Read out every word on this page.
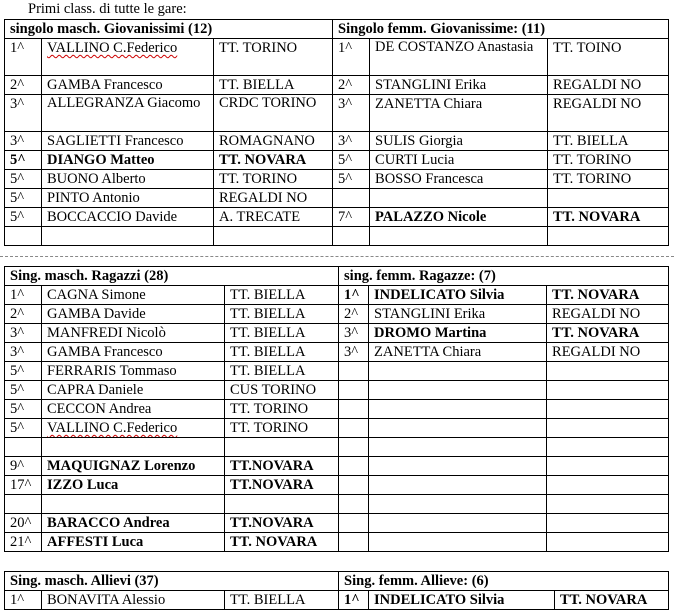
Primi class. di tutte le gare:
singolo masch. Giovanissimi (12)			Singolo femm. Giovanissime: (11)		
1^	VALLINO C.Federico	TT. TORINO	1^	DE COSTANZO Anastasia	TT. TOINO
2^	GAMBA Francesco	TT. BIELLA	2^	STANGLINI Erika	REGALDI NO
3^	ALLEGRANZA Giacomo	CRDC TORINO	3^	ZANETTA Chiara	REGALDI NO
3^	SAGLIETTI Francesco	ROMAGNANO	3^	SULIS Giorgia	TT. BIELLA
5^	DIANGO Matteo	TT. NOVARA	5^	CURTI Lucia	TT. TORINO
5^	BUONO Alberto	TT. TORINO	5^	BOSSO Francesca	TT. TORINO
5^	PINTO Antonio	REGALDI NO			
5^	BOCCACCIO Davide	A. TRECATE	7^	PALAZZO Nicole	TT. NOVARA

Sing. masch. Ragazzi (28)			sing. femm. Ragazze: (7)		
1^	CAGNA Simone	TT. BIELLA	1^	INDELICATO Silvia	TT. NOVARA
2^	GAMBA Davide	TT. BIELLA	2^	STANGLINI Erika	REGALDI NO
3^	MANFREDI Nicolò	TT. BIELLA	3^	DROMO Martina	TT. NOVARA
3^	GAMBA Francesco	TT. BIELLA	3^	ZANETTA Chiara	REGALDI NO
5^	FERRARIS Tommaso	TT. BIELLA			
5^	CAPRA Daniele	CUS TORINO			
5^	CECCON Andrea	TT. TORINO			
5^	VALLINO C.Federico	TT. TORINO			

9^	MAQUIGNAZ Lorenzo	TT.NOVARA			
17^	IZZO Luca	TT.NOVARA			

20^	BARACCO Andrea	TT.NOVARA			
21^	AFFESTI Luca	TT. NOVARA			
Sing. masch. Allievi (37)			Sing. femm. Allieve: (6)		
1^	BONAVITA Alessio	TT. BIELLA	1^	INDELICATO Silvia	TT. NOVARA
